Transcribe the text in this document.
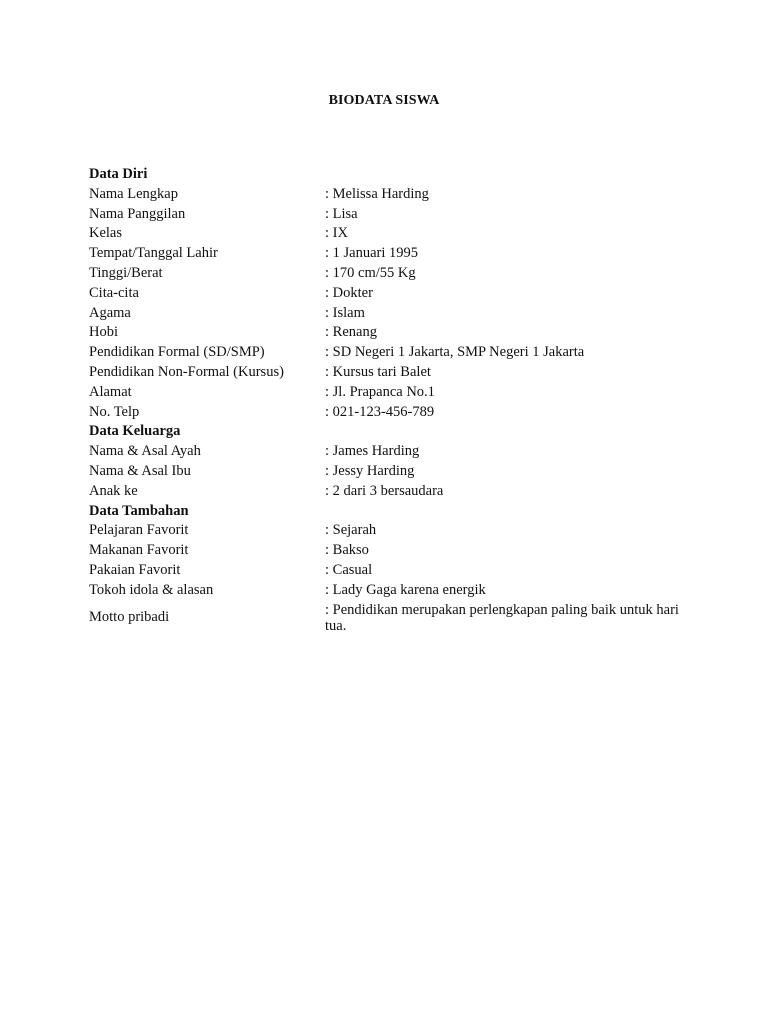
BIODATA SISWA
Data Diri
Nama Lengkap	: Melissa Harding
Nama Panggilan	: Lisa
Kelas	: IX
Tempat/Tanggal Lahir	: 1 Januari 1995
Tinggi/Berat	: 170 cm/55 Kg
Cita-cita	: Dokter
Agama	: Islam
Hobi	: Renang
Pendidikan Formal (SD/SMP)	: SD Negeri 1 Jakarta, SMP Negeri 1 Jakarta
Pendidikan Non-Formal (Kursus)	: Kursus tari Balet
Alamat	: Jl. Prapanca No.1
No. Telp	: 021-123-456-789
Data Keluarga
Nama & Asal Ayah	: James Harding
Nama & Asal Ibu	: Jessy Harding
Anak ke	: 2 dari 3 bersaudara
Data Tambahan
Pelajaran Favorit	: Sejarah
Makanan Favorit	: Bakso
Pakaian Favorit	: Casual
Tokoh idola & alasan	: Lady Gaga karena energik
Motto pribadi	: Pendidikan merupakan perlengkapan paling baik untuk hari tua.
